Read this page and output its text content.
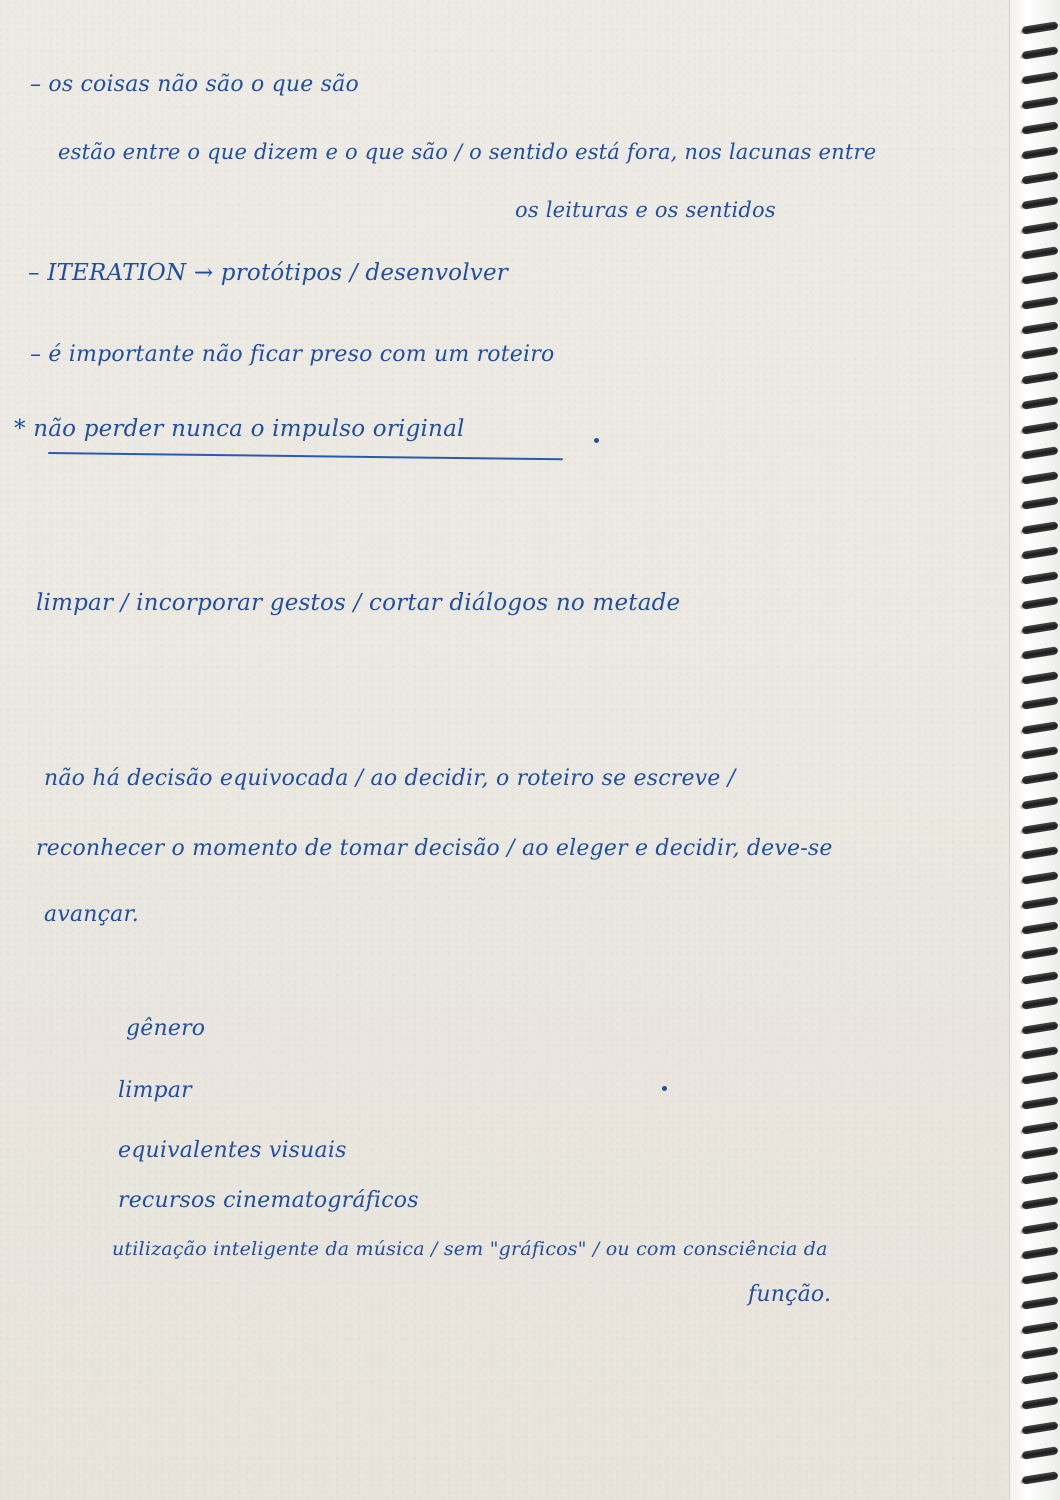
– os coisas não são o que são
estão entre o que dizem e o que são / o sentido está fora, nos lacunas entre
os leituras e os sentidos
– ITERATION → protótipos / desenvolver
– é importante não ficar preso com um roteiro
* não perder nunca o impulso original
limpar / incorporar gestos / cortar diálogos no metade
não há decisão equivocada / ao decidir, o roteiro se escreve /
reconhecer o momento de tomar decisão / ao eleger e decidir, deve-se
avançar.
gênero
limpar
equivalentes visuais
recursos cinematográficos
utilização inteligente da música / sem "gráficos" / ou com consciência da
função.
